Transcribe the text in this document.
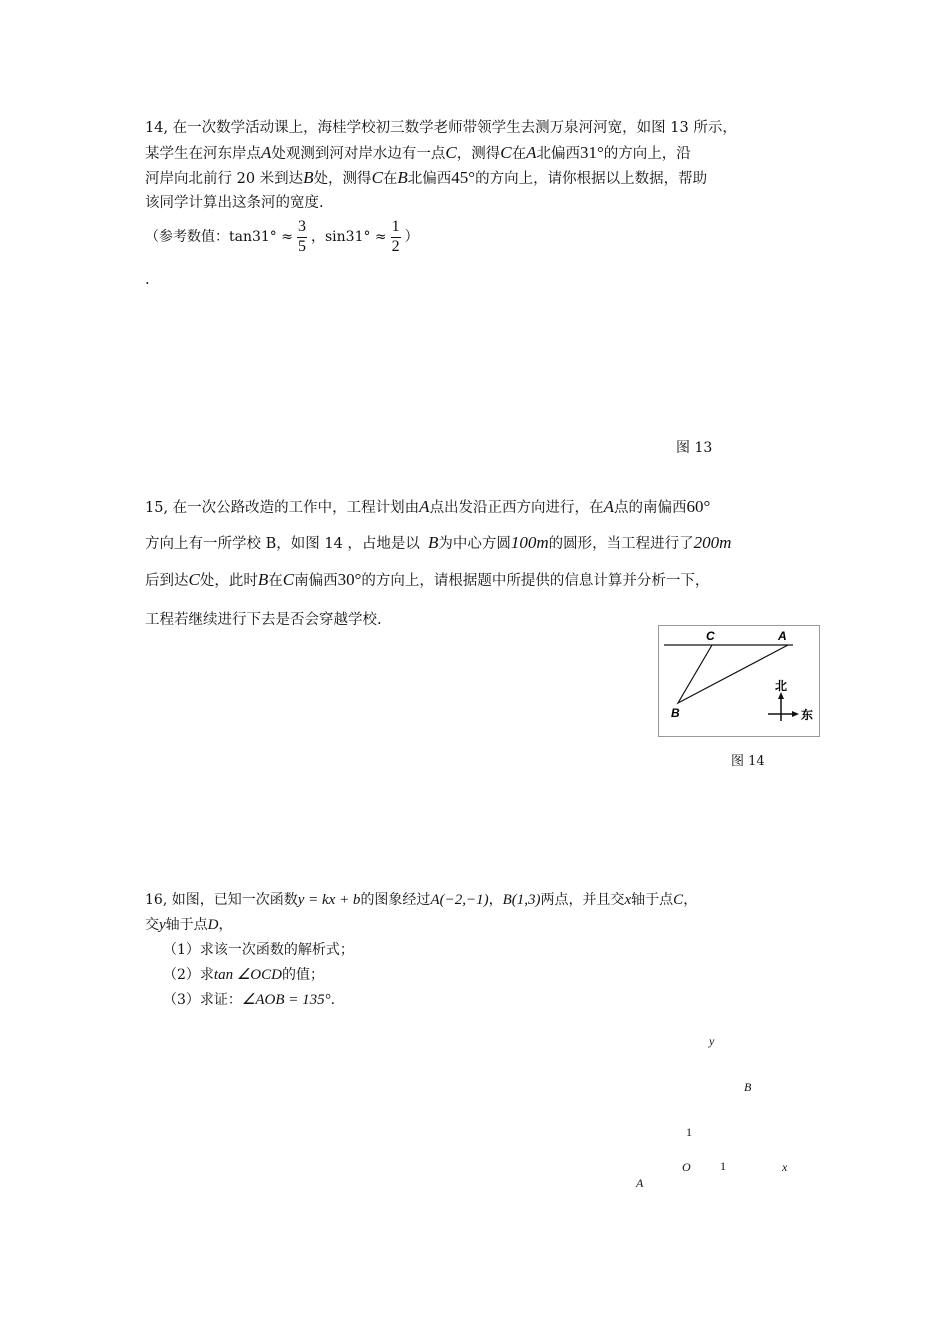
14, 在一次数学活动课上，海桂学校初三数学老师带领学生去测万泉河河宽，如图 13 所示，
某学生在河东岸点A处观测到河对岸水边有一点C，测得C在A北偏西31°的方向上，沿
河岸向北前行 20 米到达B处，测得C在B北偏西45°的方向上，请你根据以上数据，帮助
该同学计算出这条河的宽度.
（参考数值：$\tan 31^\circ \approx \frac{3}{5}$ ，$\sin 31^\circ \approx \frac{1}{2}$ ）
.
图 13
15, 在一次公路改造的工作中，工程计划由A点出发沿正西方向进行，在A点的南偏西60°
方向上有一所学校 B，如图 14 ，占地是以 B为中心方圆100m的圆形，当工程进行了200m
后到达C处，此时B在C南偏西30°的方向上，请根据题中所提供的信息计算并分析一下，
工程若继续进行下去是否会穿越学校.
C	A
B
北
东
图 14
16, 如图，已知一次函数y = kx + b的图象经过A(−2,−1)，B(1,3)两点，并且交x轴于点C，
交y轴于点D，
（1）求该一次函数的解析式；
（2）求tan ∠OCD的值；
（3）求证：∠AOB = 135°.
y
B
1
O 1	x
A
